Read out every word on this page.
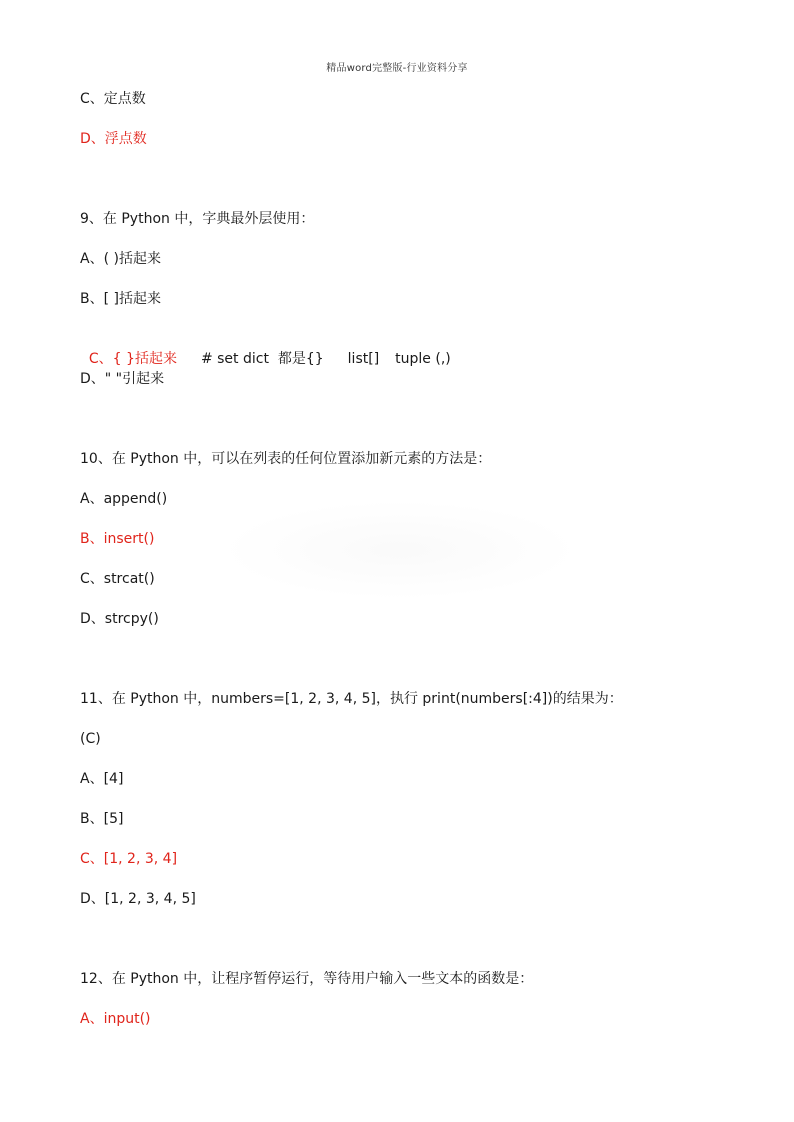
精品word完整版-行业资料分享
C、定点数
D、浮点数
9、在 Python 中，字典最外层使用：
A、( )括起来
B、[ ]括起来

C、{ }括起来 # set dict  都是{} list[] tuple (,)

D、" "引起来
10、在 Python 中，可以在列表的任何位置添加新元素的方法是：
A、append()
B、insert()
C、strcat()
D、strcpy()
11、在 Python 中，numbers=[1, 2, 3, 4, 5]，执行 print(numbers[:4])的结果为：
(C)
A、[4]
B、[5]
C、[1, 2, 3, 4]
D、[1, 2, 3, 4, 5]
12、在 Python 中，让程序暂停运行，等待用户输入一些文本的函数是：
A、input()
